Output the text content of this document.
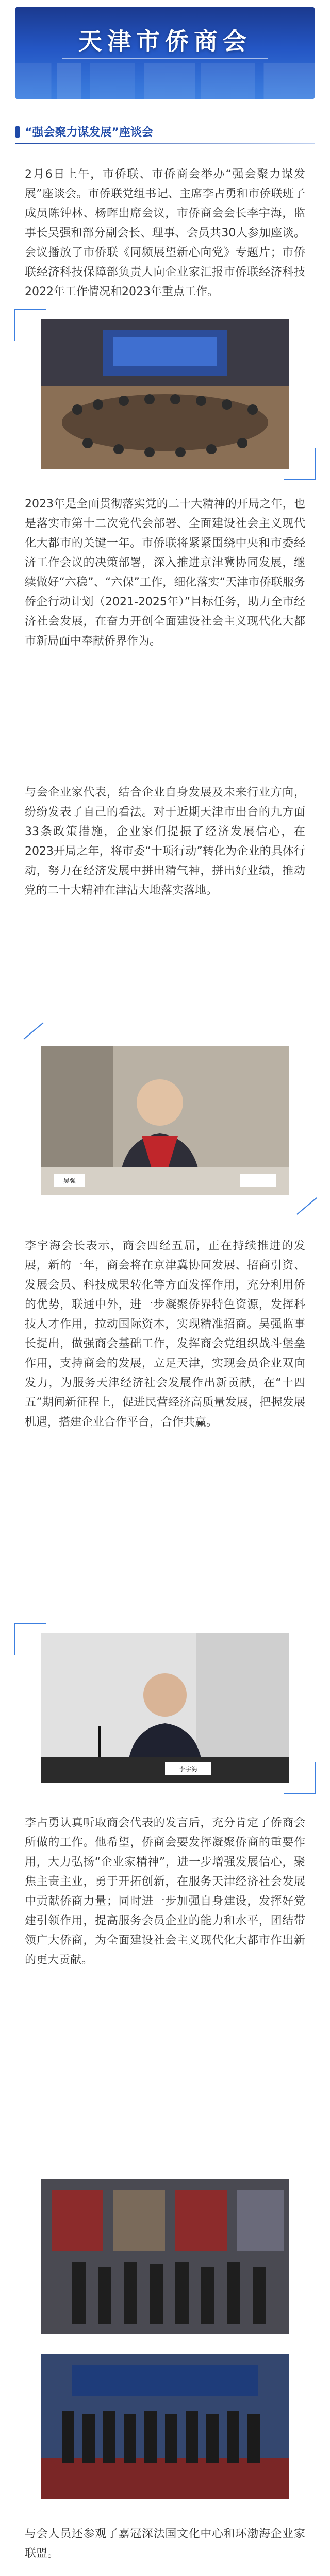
天津市侨商会
“强会聚力谋发展”座谈会
2月6日上午，市侨联、市侨商会举办“强会聚力谋发展”座谈会。市侨联党组书记、主席李占勇和市侨联班子成员陈钟林、杨晖出席会议，市侨商会会长李宇海，监事长吴强和部分副会长、理事、会员共30人参加座谈。会议播放了市侨联《同频展望新心向党》专题片；市侨联经济科技保障部负责人向企业家汇报市侨联经济科技2022年工作情况和2023年重点工作。
2023年是全面贯彻落实党的二十大精神的开局之年，也是落实市第十二次党代会部署、全面建设社会主义现代化大都市的关键一年。市侨联将紧紧围绕中央和市委经济工作会议的决策部署，深入推进京津冀协同发展，继续做好“六稳”、“六保”工作，细化落实“天津市侨联服务侨企行动计划（2021-2025年）”目标任务，助力全市经济社会发展，在奋力开创全面建设社会主义现代化大都市新局面中奉献侨界作为。
与会企业家代表，结合企业自身发展及未来行业方向，纷纷发表了自己的看法。对于近期天津市出台的九方面33条政策措施，企业家们提振了经济发展信心，在2023开局之年，将市委“十项行动”转化为企业的具体行动，努力在经济发展中拼出精气神，拼出好业绩，推动党的二十大精神在津沽大地落实落地。
吴强
李宇海会长表示，商会四经五届，正在持续推进的发展，新的一年，商会将在京津冀协同发展、招商引资、发展会员、科技成果转化等方面发挥作用，充分利用侨的优势，联通中外，进一步凝聚侨界特色资源，发挥科技人才作用，拉动国际资本，实现精准招商。吴强监事长提出，做强商会基础工作，发挥商会党组织战斗堡垒作用，支持商会的发展，立足天津，实现会员企业双向发力，为服务天津经济社会发展作出新贡献，在“十四五”期间新征程上，促进民营经济高质量发展，把握发展机遇，搭建企业合作平台，合作共赢。
李宇海
李占勇认真听取商会代表的发言后，充分肯定了侨商会所做的工作。他希望，侨商会要发挥凝聚侨商的重要作用，大力弘扬“企业家精神”，进一步增强发展信心，聚焦主责主业，勇于开拓创新，在服务天津经济社会发展中贡献侨商力量；同时进一步加强自身建设，发挥好党建引领作用，提高服务会员企业的能力和水平，团结带领广大侨商，为全面建设社会主义现代化大都市作出新的更大贡献。
与会人员还参观了嘉冠深法国文化中心和环渤海企业家联盟。
